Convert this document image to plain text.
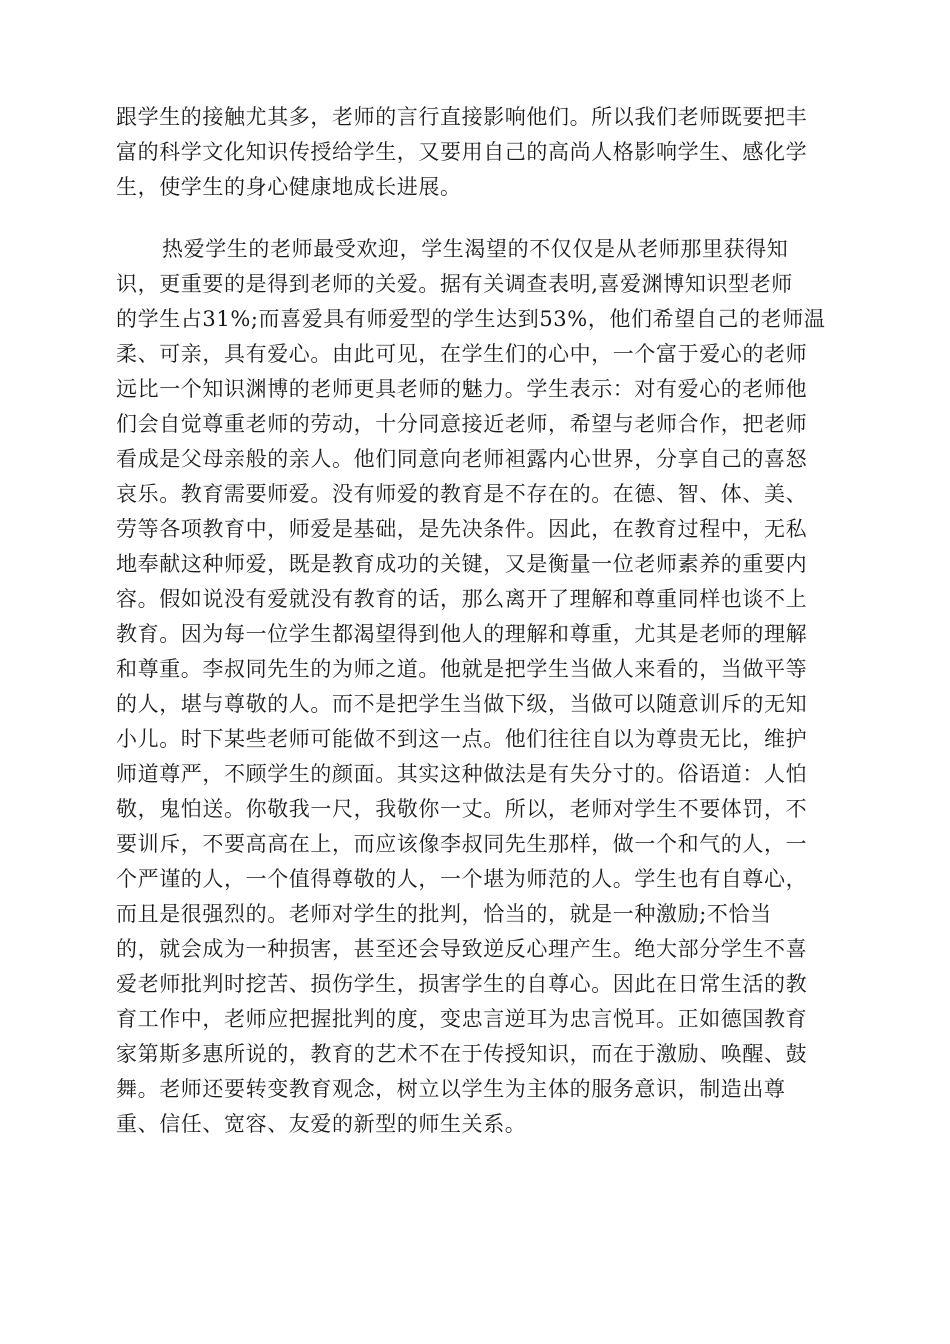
跟学生的接触尤其多，老师的言行直接影响他们。所以我们老师既要把丰
富的科学文化知识传授给学生，又要用自己的高尚人格影响学生、感化学
生，使学生的身心健康地成长进展。
热爱学生的老师最受欢迎，学生渴望的不仅仅是从老师那里获得知
识，更重要的是得到老师的关爱。据有关调查表明,喜爱渊博知识型老师
的学生占31%;而喜爱具有师爱型的学生达到53%，他们希望自己的老师温
柔、可亲，具有爱心。由此可见，在学生们的心中，一个富于爱心的老师
远比一个知识渊博的老师更具老师的魅力。学生表示：对有爱心的老师他
们会自觉尊重老师的劳动，十分同意接近老师，希望与老师合作，把老师
看成是父母亲般的亲人。他们同意向老师袒露内心世界，分享自己的喜怒
哀乐。教育需要师爱。没有师爱的教育是不存在的。在德、智、体、美、
劳等各项教育中，师爱是基础，是先决条件。因此，在教育过程中，无私
地奉献这种师爱，既是教育成功的关键，又是衡量一位老师素养的重要内
容。假如说没有爱就没有教育的话，那么离开了理解和尊重同样也谈不上
教育。因为每一位学生都渴望得到他人的理解和尊重，尤其是老师的理解
和尊重。李叔同先生的为师之道。他就是把学生当做人来看的，当做平等
的人，堪与尊敬的人。而不是把学生当做下级，当做可以随意训斥的无知
小儿。时下某些老师可能做不到这一点。他们往往自以为尊贵无比，维护
师道尊严，不顾学生的颜面。其实这种做法是有失分寸的。俗语道：人怕
敬，鬼怕送。你敬我一尺，我敬你一丈。所以，老师对学生不要体罚，不
要训斥，不要高高在上，而应该像李叔同先生那样，做一个和气的人，一
个严谨的人，一个值得尊敬的人，一个堪为师范的人。学生也有自尊心，
而且是很强烈的。老师对学生的批判，恰当的，就是一种激励;不恰当
的，就会成为一种损害，甚至还会导致逆反心理产生。绝大部分学生不喜
爱老师批判时挖苦、损伤学生，损害学生的自尊心。因此在日常生活的教
育工作中，老师应把握批判的度，变忠言逆耳为忠言悦耳。正如德国教育
家第斯多惠所说的，教育的艺术不在于传授知识，而在于激励、唤醒、鼓
舞。老师还要转变教育观念，树立以学生为主体的服务意识，制造出尊
重、信任、宽容、友爱的新型的师生关系。
